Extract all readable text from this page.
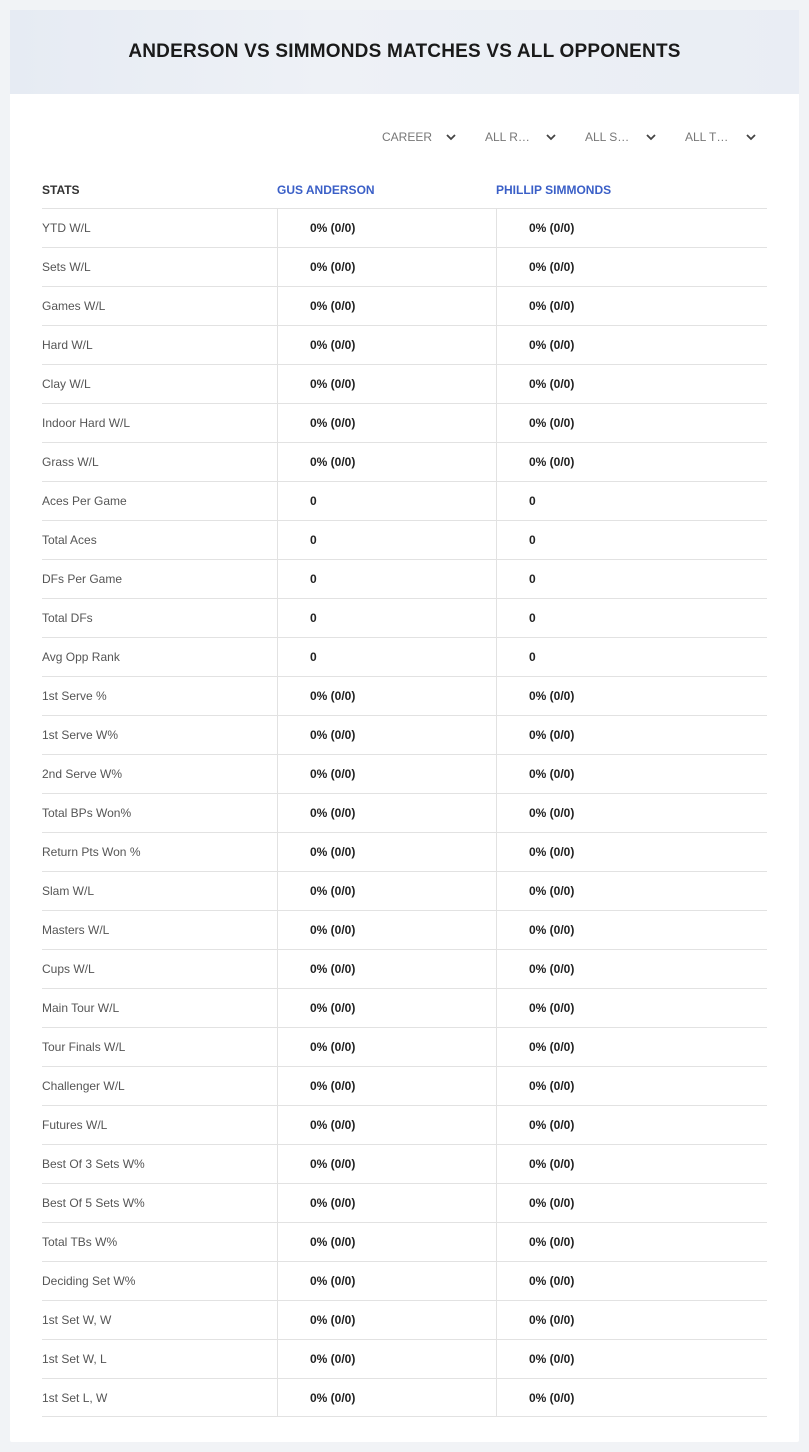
ANDERSON VS SIMMONDS MATCHES VS ALL OPPONENTS
CAREER	ALL R…	ALL S…	ALL T…
STATS	GUS ANDERSON	PHILLIP SIMMONDS
YTD W/L	0% (0/0)	0% (0/0)
Sets W/L	0% (0/0)	0% (0/0)
Games W/L	0% (0/0)	0% (0/0)
Hard W/L	0% (0/0)	0% (0/0)
Clay W/L	0% (0/0)	0% (0/0)
Indoor Hard W/L	0% (0/0)	0% (0/0)
Grass W/L	0% (0/0)	0% (0/0)
Aces Per Game	0	0
Total Aces	0	0
DFs Per Game	0	0
Total DFs	0	0
Avg Opp Rank	0	0
1st Serve %	0% (0/0)	0% (0/0)
1st Serve W%	0% (0/0)	0% (0/0)
2nd Serve W%	0% (0/0)	0% (0/0)
Total BPs Won%	0% (0/0)	0% (0/0)
Return Pts Won %	0% (0/0)	0% (0/0)
Slam W/L	0% (0/0)	0% (0/0)
Masters W/L	0% (0/0)	0% (0/0)
Cups W/L	0% (0/0)	0% (0/0)
Main Tour W/L	0% (0/0)	0% (0/0)
Tour Finals W/L	0% (0/0)	0% (0/0)
Challenger W/L	0% (0/0)	0% (0/0)
Futures W/L	0% (0/0)	0% (0/0)
Best Of 3 Sets W%	0% (0/0)	0% (0/0)
Best Of 5 Sets W%	0% (0/0)	0% (0/0)
Total TBs W%	0% (0/0)	0% (0/0)
Deciding Set W%	0% (0/0)	0% (0/0)
1st Set W, W	0% (0/0)	0% (0/0)
1st Set W, L	0% (0/0)	0% (0/0)
1st Set L, W	0% (0/0)	0% (0/0)
